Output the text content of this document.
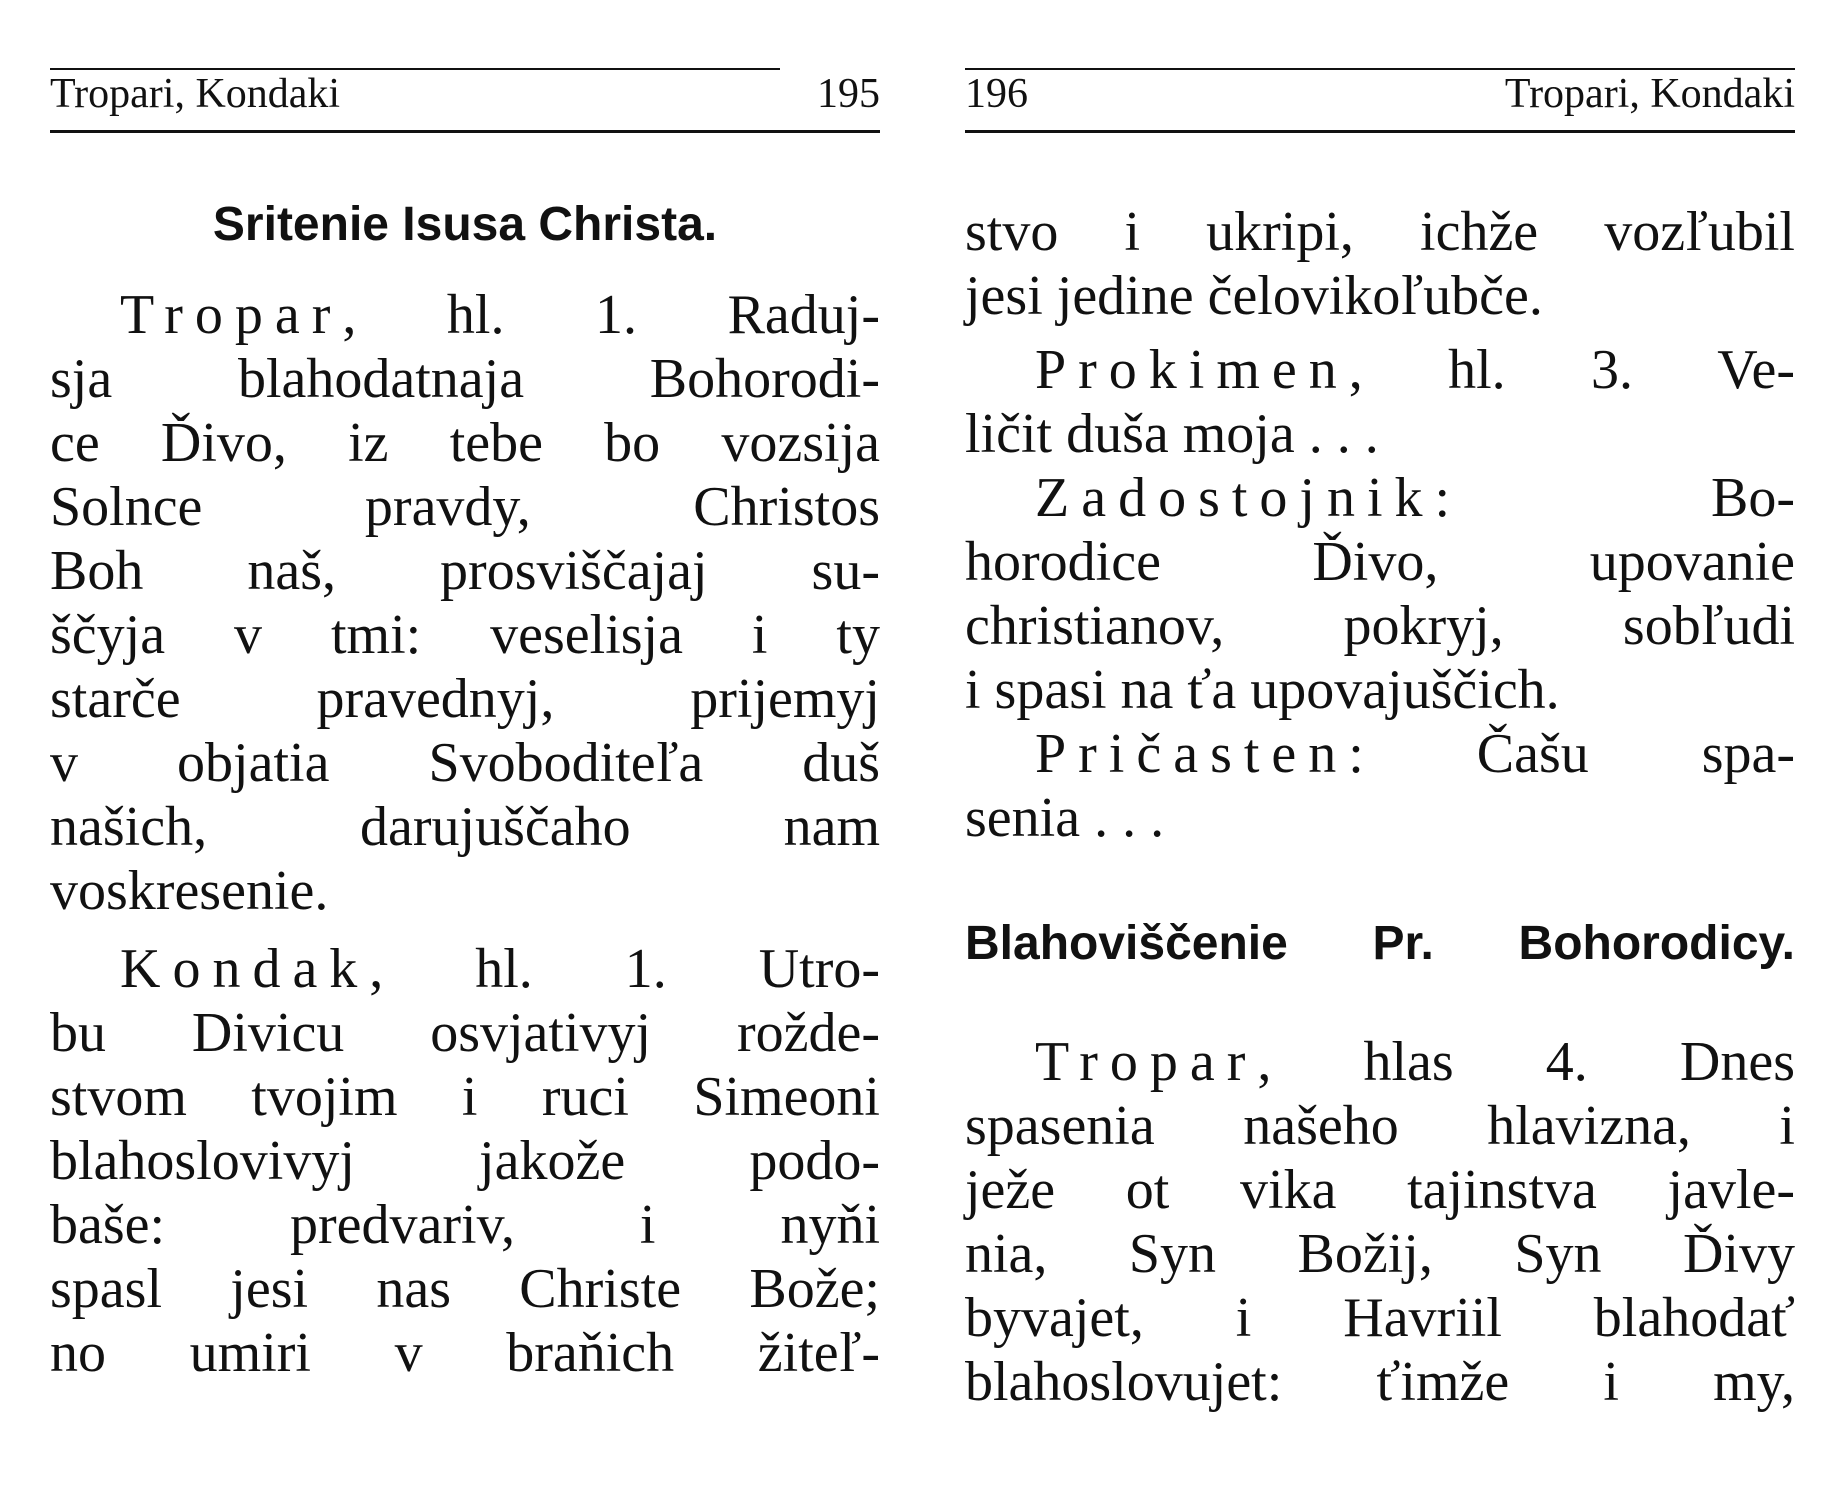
Tropari, Kondaki	195
Sritenie Isusa Christa.
Tropar, hl. 1. Raduj-
sja blahodatnaja Bohorodi-
ce Ďivo, iz tebe bo vozsija
Solnce pravdy, Christos
Boh naš, prosviščajaj su-
ščyja v tmi: veselisja i ty
starče pravednyj, prijemyj
v objatia Svoboditeľa duš
našich, darujuščaho nam
voskresenie.
Kondak, hl. 1. Utro-
bu Divicu osvjativyj roždе-
stvom tvojim i ruci Simeoni
blahoslovivyj jakože podo-
baše: predvariv, i nyňi
spasl jesi nas Christe Bože;
no umiri v braňich žiteľ-
196	Tropari, Kondaki
stvo i ukripi, ichže vozľubil
jesi jedine čelovikoľubče.
Prokimen, hl. 3. Ve-
ličit duša moja . . .
Zadostojnik: Bo-
horodice Ďivo, upovanie
christianov, pokryj, sobľudi
i spasi na ťa upovajuščich.
Pričasten: Čašu spa-
senia . . .
Blahoviščenie Pr. Bohorodicy.
Tropar, hlas 4. Dnes
spasenia našeho hlavizna, i
ježe ot vika tajinstva javle-
nia, Syn Božij, Syn Ďivy
byvajet, i Havriil blahodať
blahoslovujet: ťimže i my,
